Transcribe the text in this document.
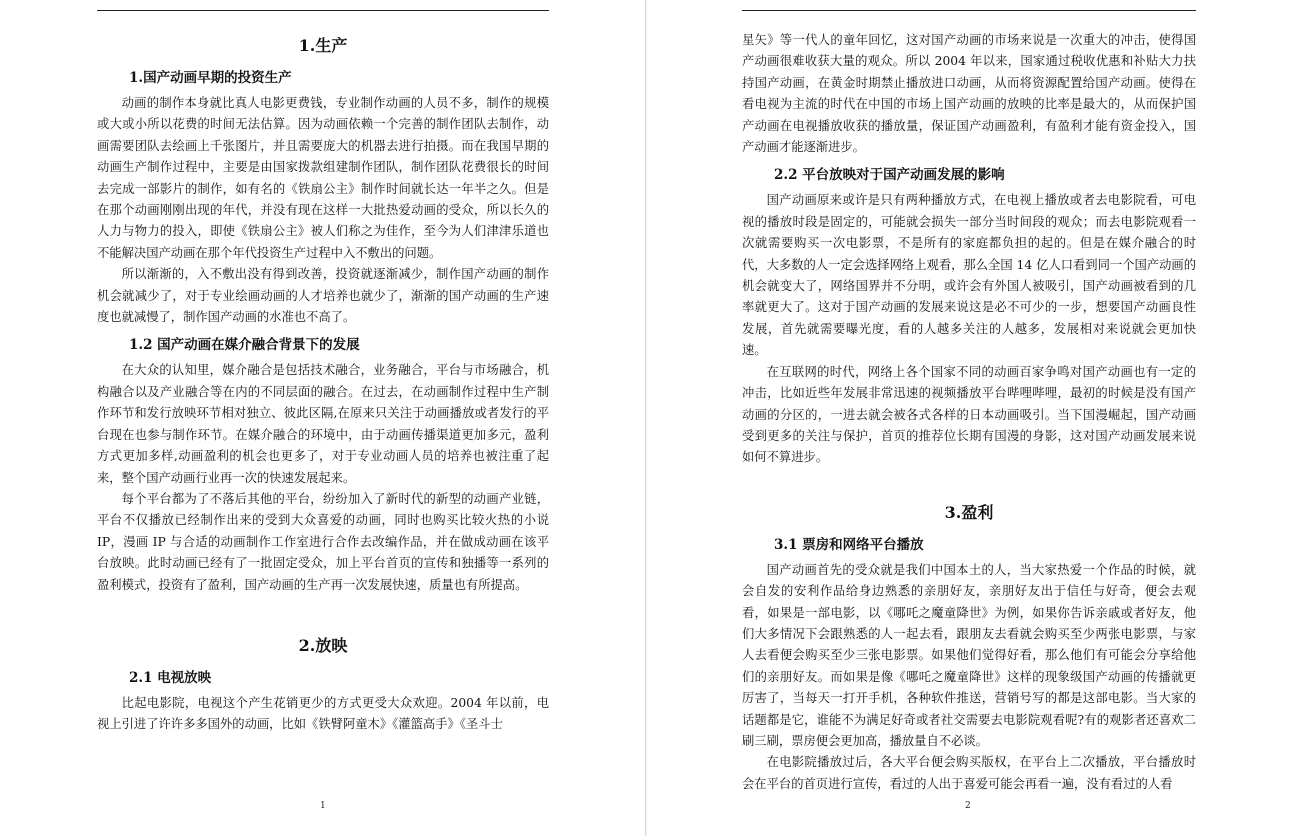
1.生产
1.国产动画早期的投资生产

动画的制作本身就比真人电影更费钱，专业制作动画的人员不多，制作的规模或大或小所以花费的时间无法估算。因为动画依赖一个完善的制作团队去制作，动画需要团队去绘画上千张图片，并且需要庞大的机器去进行拍摄。而在我国早期的动画生产制作过程中，主要是由国家拨款组建制作团队，制作团队花费很长的时间去完成一部影片的制作，如有名的《铁扇公主》制作时间就长达一年半之久。但是在那个动画刚刚出现的年代，并没有现在这样一大批热爱动画的受众，所以长久的人力与物力的投入，即使《铁扇公主》被人们称之为佳作，至今为人们津津乐道也不能解决国产动画在那个年代投资生产过程中入不敷出的问题。

所以渐渐的，入不敷出没有得到改善，投资就逐渐减少，制作国产动画的制作机会就减少了，对于专业绘画动画的人才培养也就少了，渐渐的国产动画的生产速度也就减慢了，制作国产动画的水准也不高了。

1.2 国产动画在媒介融合背景下的发展

在大众的认知里，媒介融合是包括技术融合，业务融合，平台与市场融合，机构融合以及产业融合等在内的不同层面的融合。在过去，在动画制作过程中生产制作环节和发行放映环节相对独立、彼此区隔,在原来只关注于动画播放或者发行的平台现在也参与制作环节。在媒介融合的环境中，由于动画传播渠道更加多元，盈利方式更加多样,动画盈利的机会也更多了，对于专业动画人员的培养也被注重了起来，整个国产动画行业再一次的快速发展起来。

每个平台都为了不落后其他的平台，纷纷加入了新时代的新型的动画产业链，平台不仅播放已经制作出来的受到大众喜爱的动画，同时也购买比较火热的小说 IP，漫画 IP 与合适的动画制作工作室进行合作去改编作品，并在做成动画在该平台放映。此时动画已经有了一批固定受众，加上平台首页的宣传和独播等一系列的盈利模式，投资有了盈利，国产动画的生产再一次发展快速，质量也有所提高。

2.放映
2.1 电视放映

比起电影院，电视这个产生花销更少的方式更受大众欢迎。2004 年以前，电视上引进了许许多多国外的动画，比如《铁臂阿童木》《灌篮高手》《圣斗士

1

星矢》等一代人的童年回忆，这对国产动画的市场来说是一次重大的冲击，使得国产动画很难收获大量的观众。所以 2004 年以来，国家通过税收优惠和补贴大力扶持国产动画，在黄金时期禁止播放进口动画，从而将资源配置给国产动画。使得在看电视为主流的时代在中国的市场上国产动画的放映的比率是最大的，从而保护国产动画在电视播放收获的播放量，保证国产动画盈利，有盈利才能有资金投入，国产动画才能逐渐进步。

2.2 平台放映对于国产动画发展的影响

国产动画原来或许是只有两种播放方式，在电视上播放或者去电影院看，可电视的播放时段是固定的，可能就会损失一部分当时间段的观众；而去电影院观看一次就需要购买一次电影票，不是所有的家庭都负担的起的。但是在媒介融合的时代，大多数的人一定会选择网络上观看，那么全国 14 亿人口看到同一个国产动画的机会就变大了，网络国界并不分明，或许会有外国人被吸引，国产动画被看到的几率就更大了。这对于国产动画的发展来说这是必不可少的一步，想要国产动画良性发展，首先就需要曝光度，看的人越多关注的人越多，发展相对来说就会更加快速。

在互联网的时代，网络上各个国家不同的动画百家争鸣对国产动画也有一定的冲击，比如近些年发展非常迅速的视频播放平台哔哩哔哩，最初的时候是没有国产动画的分区的，一进去就会被各式各样的日本动画吸引。当下国漫崛起，国产动画受到更多的关注与保护，首页的推荐位长期有国漫的身影，这对国产动画发展来说如何不算进步。

3.盈利
3.1 票房和网络平台播放

国产动画首先的受众就是我们中国本土的人，当大家热爱一个作品的时候，就会自发的安利作品给身边熟悉的亲朋好友，亲朋好友出于信任与好奇，便会去观看，如果是一部电影，以《哪吒之魔童降世》为例，如果你告诉亲戚或者好友，他们大多情况下会跟熟悉的人一起去看，跟朋友去看就会购买至少两张电影票，与家人去看便会购买至少三张电影票。如果他们觉得好看，那么他们有可能会分享给他们的亲朋好友。而如果是像《哪吒之魔童降世》这样的现象级国产动画的传播就更厉害了，当每天一打开手机，各种软件推送，营销号写的都是这部电影。当大家的话题都是它，谁能不为满足好奇或者社交需要去电影院观看呢?有的观影者还喜欢二刷三刷，票房便会更加高，播放量自不必谈。

在电影院播放过后，各大平台便会购买版权，在平台上二次播放，平台播放时会在平台的首页进行宣传，看过的人出于喜爱可能会再看一遍，没有看过的人看

2
